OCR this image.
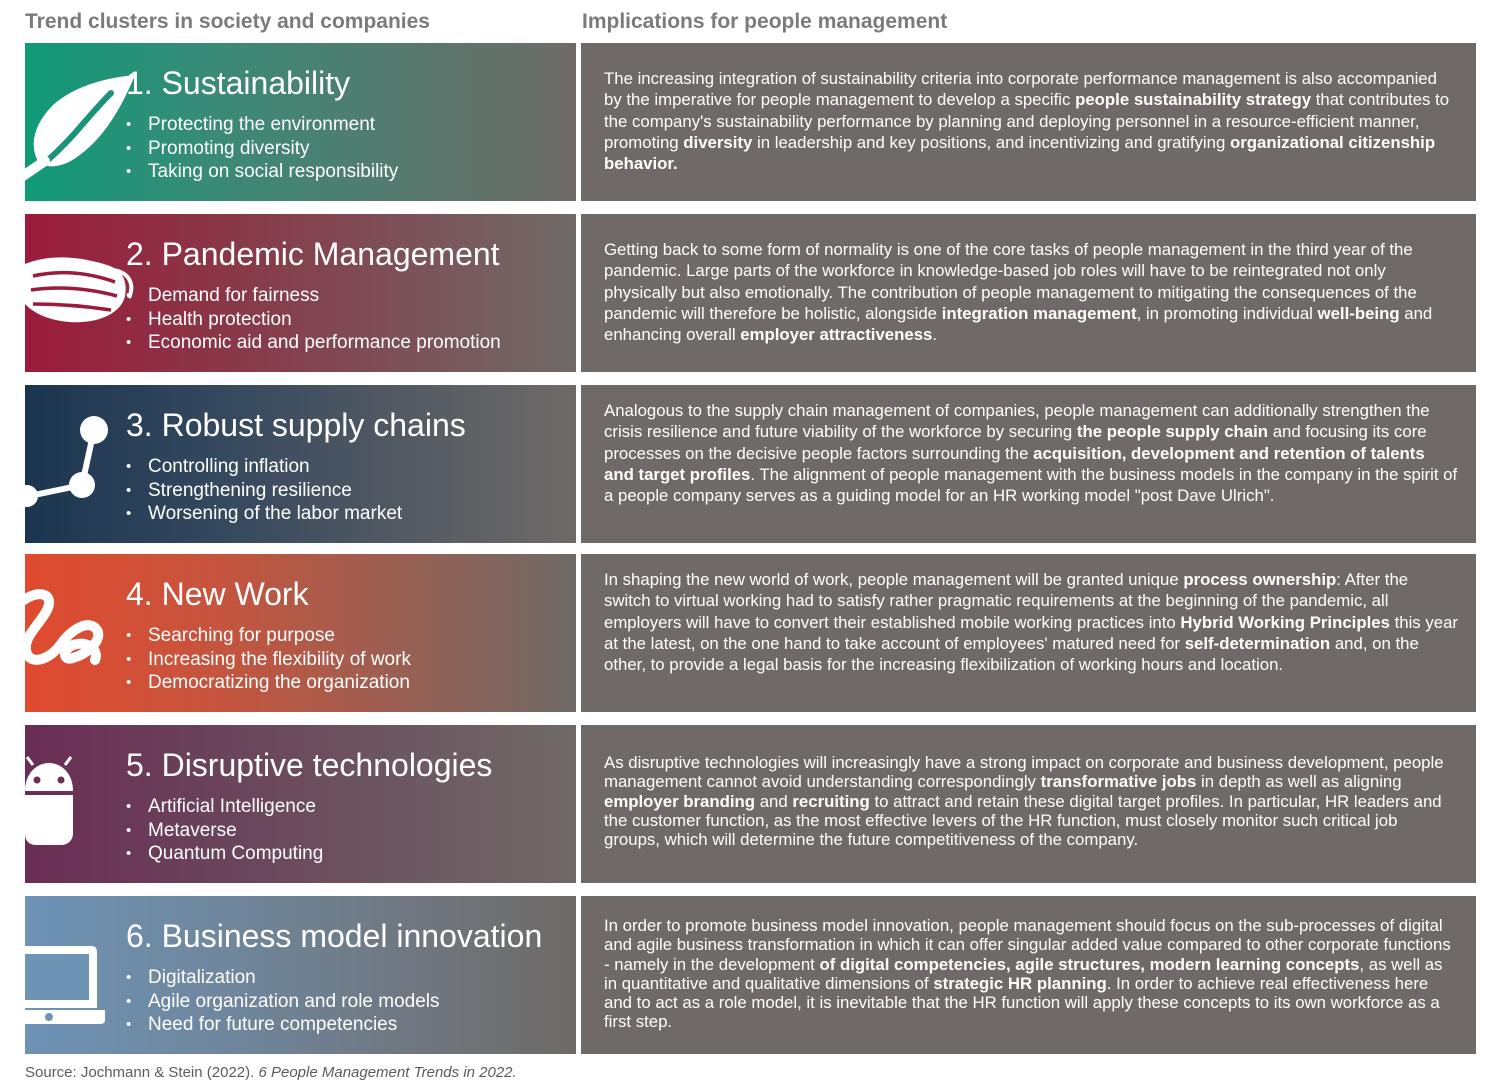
Trend clusters in society and companies	Implications for people management
1. Sustainability
• Protecting the environment
• Promoting diversity
• Taking on social responsibility
The increasing integration of sustainability criteria into corporate performance management is also accompanied by the imperative for people management to develop a specific people sustainability strategy that contributes to the company's sustainability performance by planning and deploying personnel in a resource-efficient manner, promoting diversity in leadership and key positions, and incentivizing and gratifying organizational citizenship behavior.
2. Pandemic Management
• Demand for fairness
• Health protection
• Economic aid and performance promotion
Getting back to some form of normality is one of the core tasks of people management in the third year of the pandemic. Large parts of the workforce in knowledge-based job roles will have to be reintegrated not only physically but also emotionally. The contribution of people management to mitigating the consequences of the pandemic will therefore be holistic, alongside integration management, in promoting individual well-being and enhancing overall employer attractiveness.
3. Robust supply chains
• Controlling inflation
• Strengthening resilience
• Worsening of the labor market
Analogous to the supply chain management of companies, people management can additionally strengthen the crisis resilience and future viability of the workforce by securing the people supply chain and focusing its core processes on the decisive people factors surrounding the acquisition, development and retention of talents and target profiles. The alignment of people management with the business models in the company in the spirit of a people company serves as a guiding model for an HR working model "post Dave Ulrich".
4. New Work
• Searching for purpose
• Increasing the flexibility of work
• Democratizing the organization
In shaping the new world of work, people management will be granted unique process ownership: After the switch to virtual working had to satisfy rather pragmatic requirements at the beginning of the pandemic, all employers will have to convert their established mobile working practices into Hybrid Working Principles this year at the latest, on the one hand to take account of employees' matured need for self-determination and, on the other, to provide a legal basis for the increasing flexibilization of working hours and location.
5. Disruptive technologies
• Artificial Intelligence
• Metaverse
• Quantum Computing
As disruptive technologies will increasingly have a strong impact on corporate and business development, people management cannot avoid understanding correspondingly transformative jobs in depth as well as aligning employer branding and recruiting to attract and retain these digital target profiles. In particular, HR leaders and the customer function, as the most effective levers of the HR function, must closely monitor such critical job groups, which will determine the future competitiveness of the company.
6. Business model innovation
• Digitalization
• Agile organization and role models
• Need for future competencies
In order to promote business model innovation, people management should focus on the sub-processes of digital and agile business transformation in which it can offer singular added value compared to other corporate functions - namely in the development of digital competencies, agile structures, modern learning concepts, as well as in quantitative and qualitative dimensions of strategic HR planning. In order to achieve real effectiveness here and to act as a role model, it is inevitable that the HR function will apply these concepts to its own workforce as a first step.
Source: Jochmann & Stein (2022). 6 People Management Trends in 2022.
